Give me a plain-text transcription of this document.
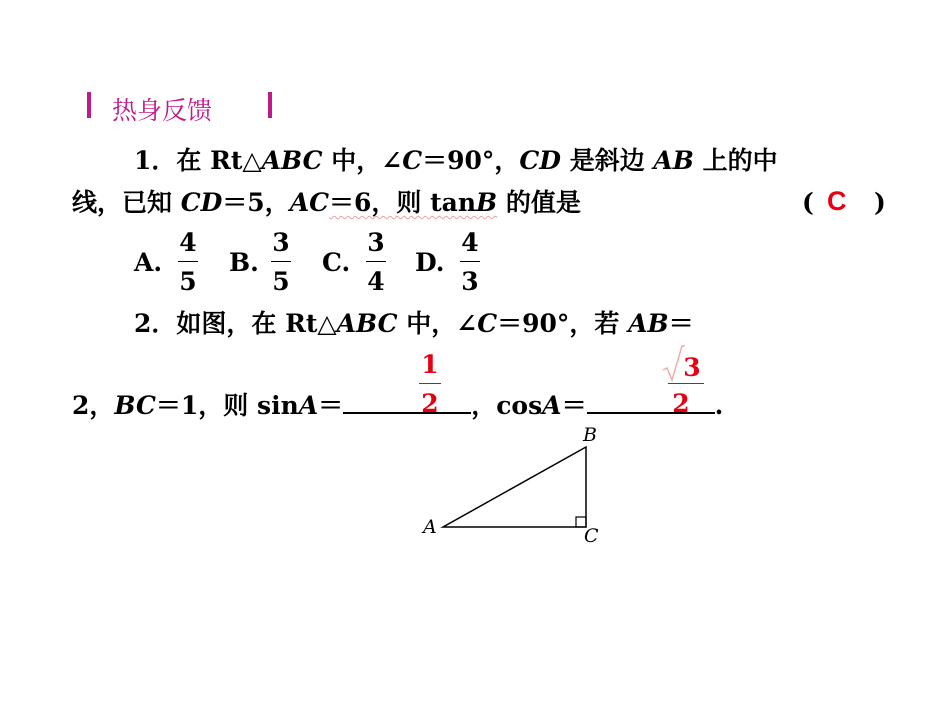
热身反馈
1．在 Rt△ABC 中，∠C＝90°，CD 是斜边 AB 上的中
线，已知 CD＝5，AC＝6，则 tanB 的值是	( C )
A.
4
5
B.
3
5
C.
3
4
D.
4
3
2．如图，在 Rt△ABC 中，∠C＝90°，若 AB＝
1
2
3
2
2，BC＝1，则 sinA＝	，cosA＝	.
A
B
C
